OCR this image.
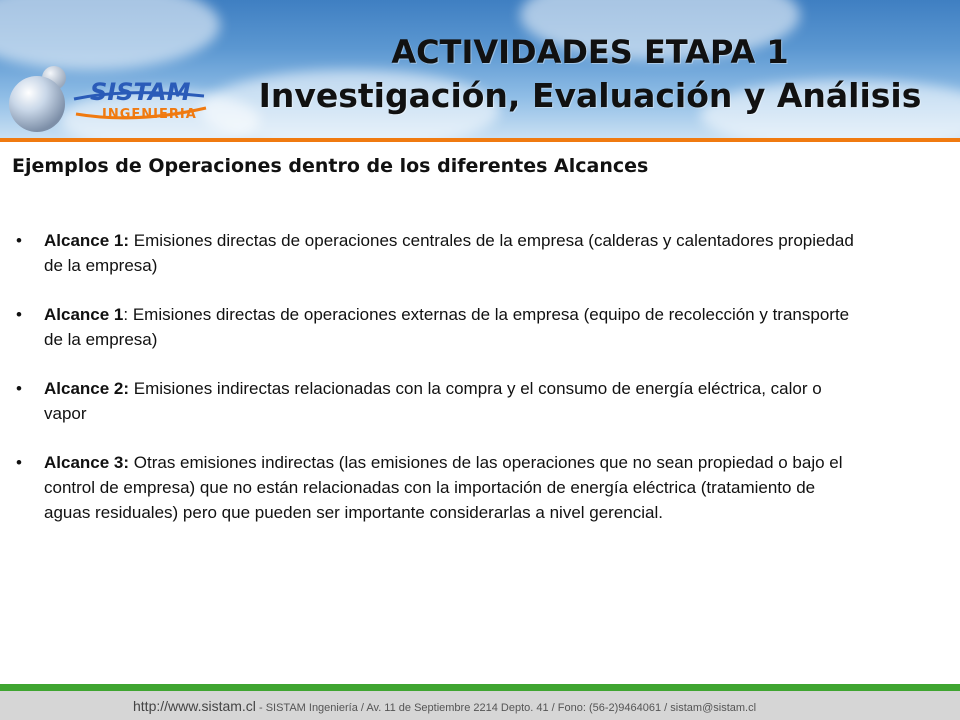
SISTAM
INGENIERIA
ACTIVIDADES ETAPA 1
Investigación, Evaluación y Análisis
Ejemplos de Operaciones dentro de los diferentes Alcances
• Alcance 1: Emisiones directas de operaciones centrales de la empresa (calderas y calentadores propiedad de la empresa)
• Alcance 1: Emisiones directas de operaciones externas de la empresa (equipo de recolección y transporte de la empresa)
• Alcance 2: Emisiones indirectas relacionadas con la compra y el consumo de energía eléctrica, calor o vapor
• Alcance 3: Otras emisiones indirectas (las emisiones de las operaciones que no sean propiedad o bajo el control de empresa) que no están relacionadas con la importación de energía eléctrica (tratamiento de aguas residuales) pero que pueden ser importante considerarlas a nivel gerencial.
http://www.sistam.cl - SISTAM Ingeniería / Av. 11 de Septiembre 2214 Depto. 41 / Fono: (56-2)9464061 / sistam@sistam.cl
